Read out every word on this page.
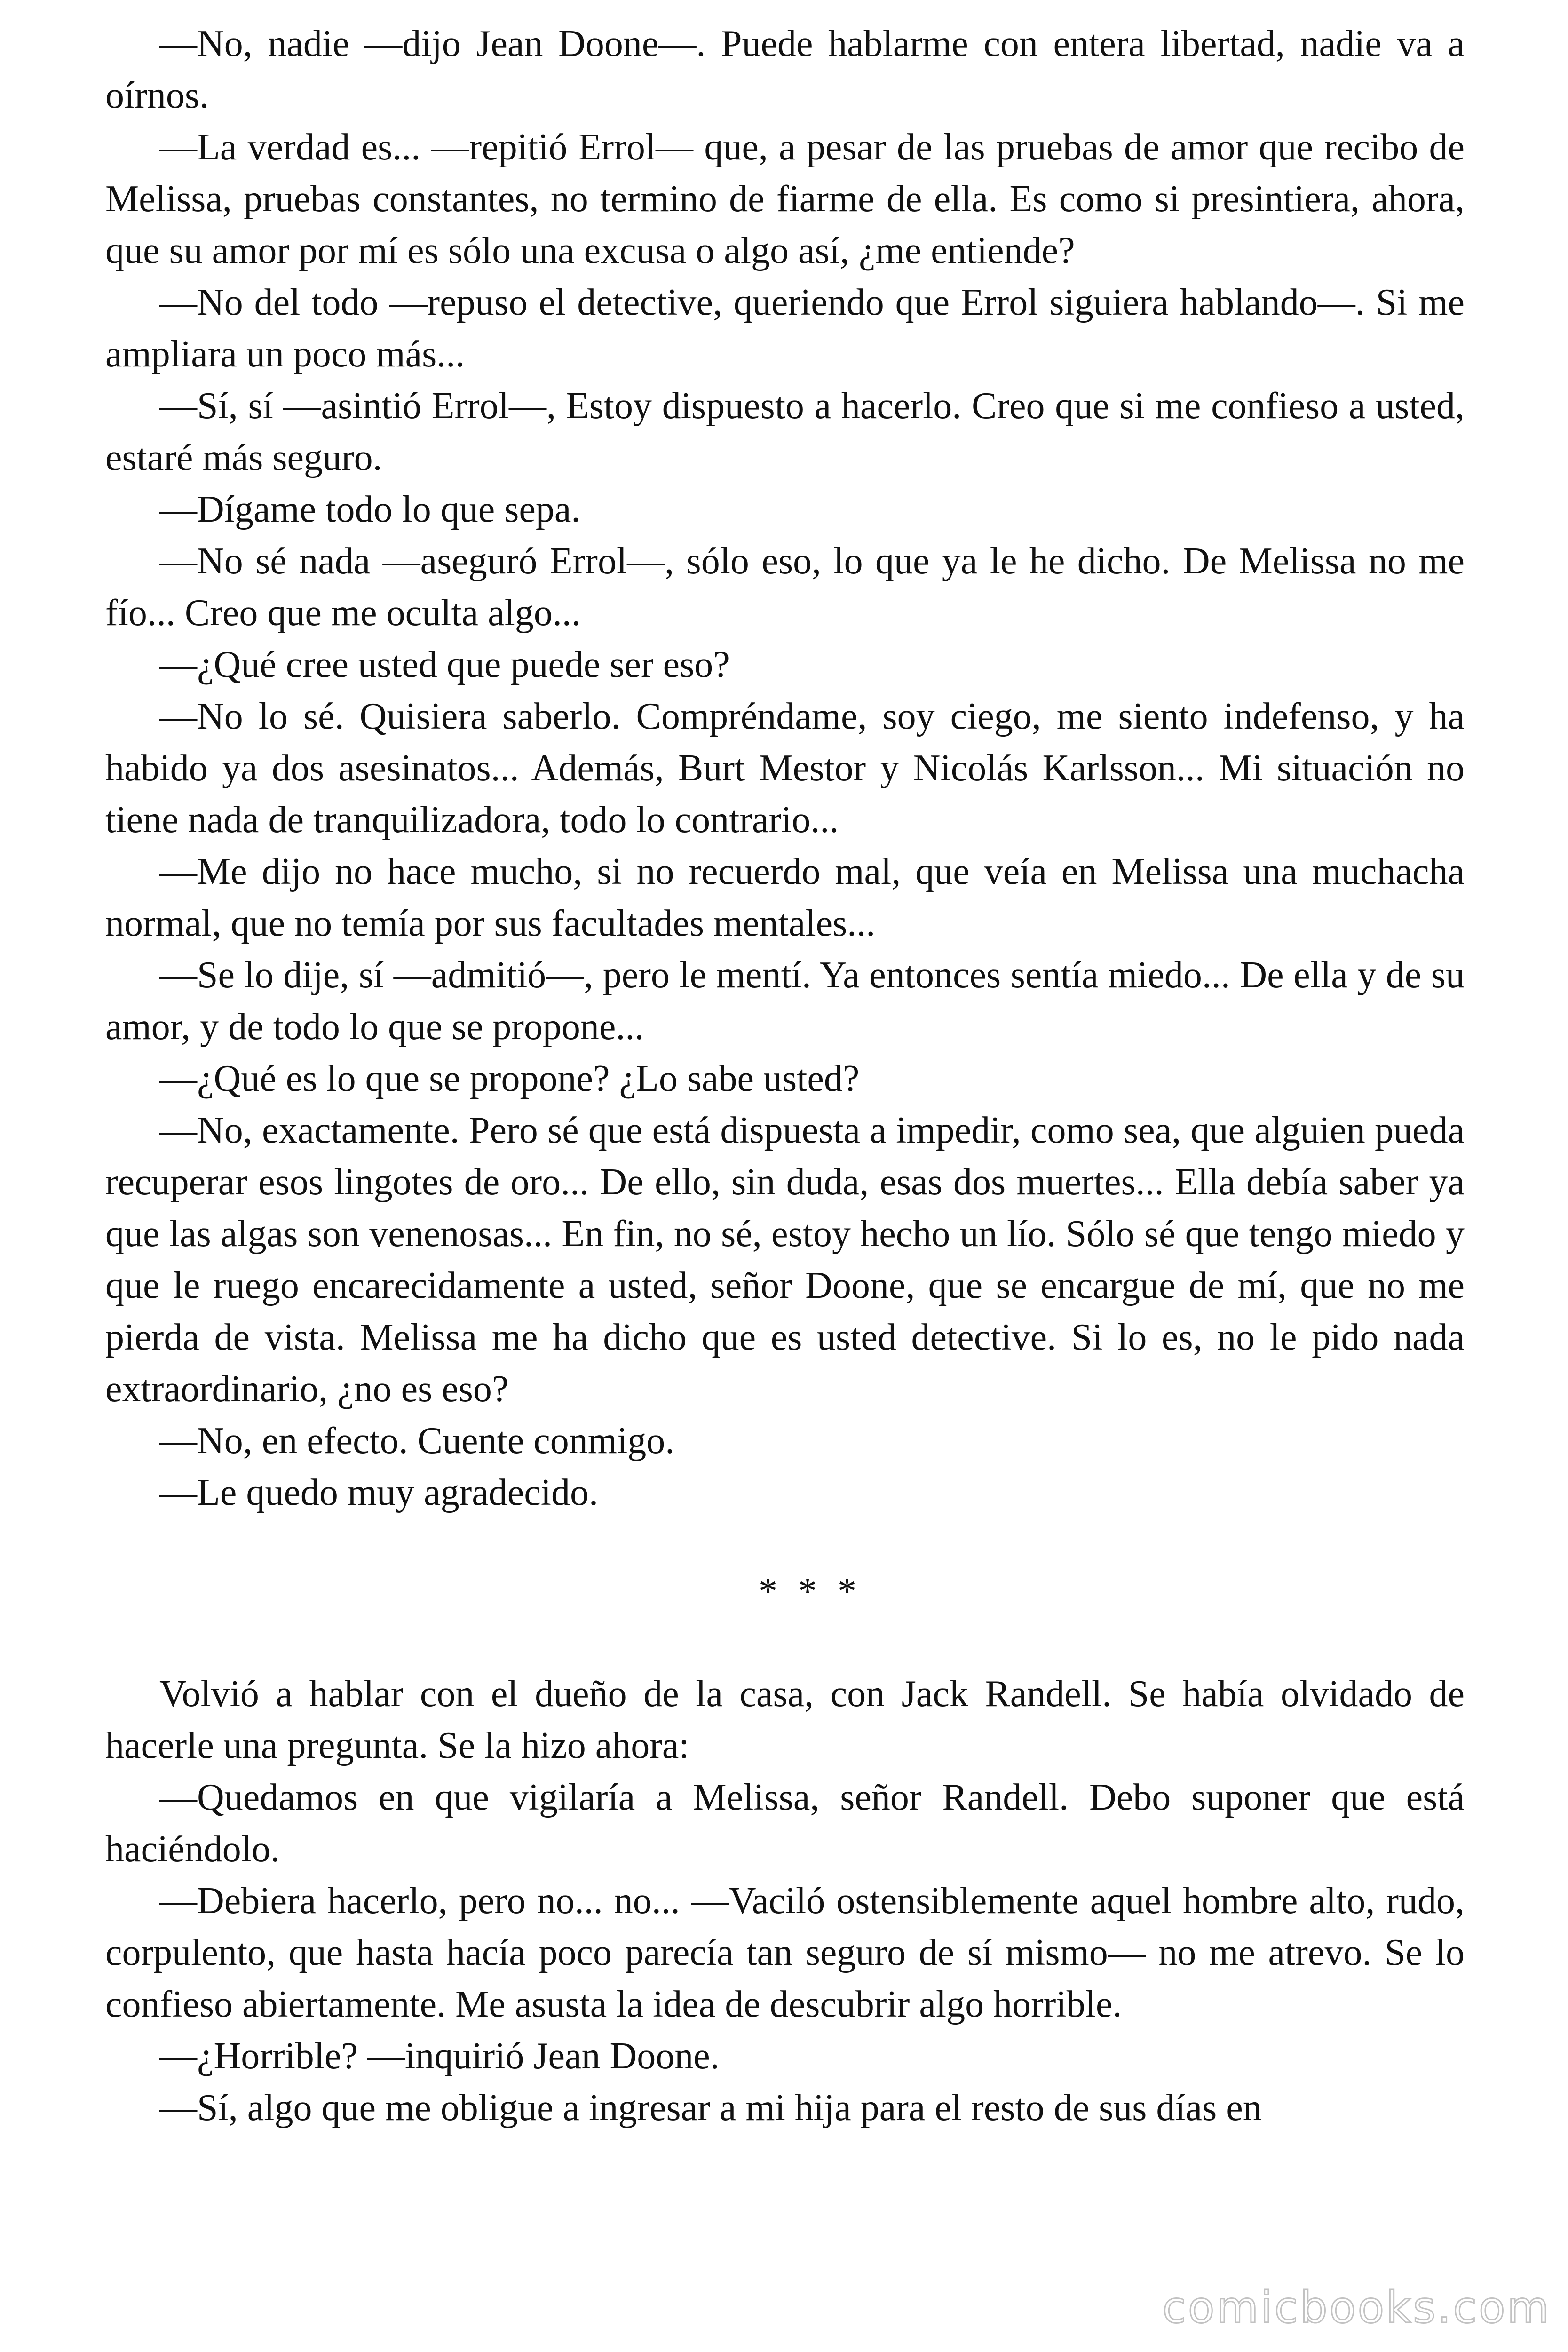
—No, nadie —dijo Jean Doone—. Puede hablarme con entera libertad, nadie va a oírnos.

—La verdad es... —repitió Errol— que, a pesar de las pruebas de amor que recibo de Melissa, pruebas constantes, no termino de fiarme de ella. Es como si presintiera, ahora, que su amor por mí es sólo una excusa o algo así, ¿me entiende?

—No del todo —repuso el detective, queriendo que Errol siguiera hablando—. Si me ampliara un poco más...

—Sí, sí —asintió Errol—, Estoy dispuesto a hacerlo. Creo que si me confieso a usted, estaré más seguro.

—Dígame todo lo que sepa.

—No sé nada —aseguró Errol—, sólo eso, lo que ya le he dicho. De Melissa no me fío... Creo que me oculta algo...

—¿Qué cree usted que puede ser eso?

—No lo sé. Quisiera saberlo. Compréndame, soy ciego, me siento indefenso, y ha habido ya dos asesinatos... Además, Burt Mestor y Nicolás Karlsson... Mi situación no tiene nada de tranquilizadora, todo lo contrario...

—Me dijo no hace mucho, si no recuerdo mal, que veía en Melissa una muchacha normal, que no temía por sus facultades mentales...

—Se lo dije, sí —admitió—, pero le mentí. Ya entonces sentía miedo... De ella y de su amor, y de todo lo que se propone...

—¿Qué es lo que se propone? ¿Lo sabe usted?

—No, exactamente. Pero sé que está dispuesta a impedir, como sea, que alguien pueda recuperar esos lingotes de oro... De ello, sin duda, esas dos muertes... Ella debía saber ya que las algas son venenosas... En fin, no sé, estoy hecho un lío. Sólo sé que tengo miedo y que le ruego encarecidamente a usted, señor Doone, que se encargue de mí, que no me pierda de vista. Melissa me ha dicho que es usted detective. Si lo es, no le pido nada extraordinario, ¿no es eso?

—No, en efecto. Cuente conmigo.

—Le quedo muy agradecido.

* * *

Volvió a hablar con el dueño de la casa, con Jack Randell. Se había olvidado de hacerle una pregunta. Se la hizo ahora:

—Quedamos en que vigilaría a Melissa, señor Randell. Debo suponer que está haciéndolo.

—Debiera hacerlo, pero no... no... —Vaciló ostensiblemente aquel hombre alto, rudo, corpulento, que hasta hacía poco parecía tan seguro de sí mismo— no me atrevo. Se lo confieso abiertamente. Me asusta la idea de descubrir algo horrible.

—¿Horrible? —inquirió Jean Doone.

—Sí, algo que me obligue a ingresar a mi hija para el resto de sus días en

comicbooks.com
